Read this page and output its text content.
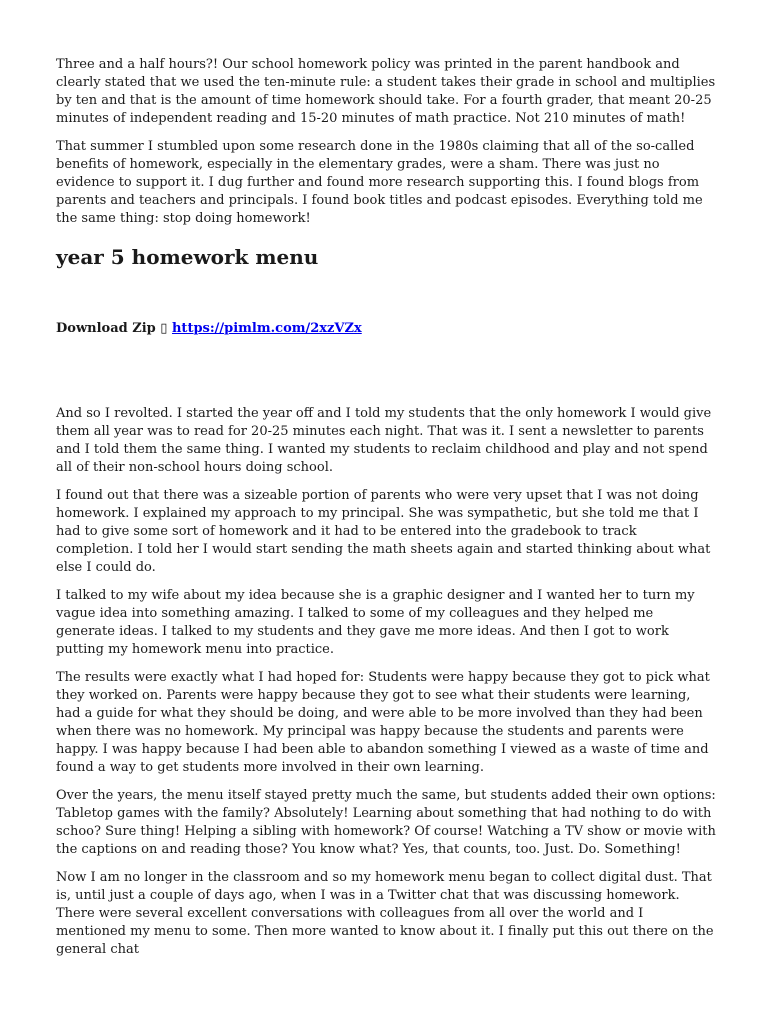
Three and a half hours?! Our school homework policy was printed in the parent handbook and clearly stated that we used the ten-minute rule: a student takes their grade in school and multiplies by ten and that is the amount of time homework should take. For a fourth grader, that meant 20-25 minutes of independent reading and 15-20 minutes of math practice. Not 210 minutes of math!

That summer I stumbled upon some research done in the 1980s claiming that all of the so-called benefits of homework, especially in the elementary grades, were a sham. There was just no evidence to support it. I dug further and found more research supporting this. I found blogs from parents and teachers and principals. I found book titles and podcast episodes. Everything told me the same thing: stop doing homework!

year 5 homework menu
Download Zip ▯ https://pimlm.com/2xzVZx

And so I revolted. I started the year off and I told my students that the only homework I would give them all year was to read for 20-25 minutes each night. That was it. I sent a newsletter to parents and I told them the same thing. I wanted my students to reclaim childhood and play and not spend all of their non-school hours doing school.

I found out that there was a sizeable portion of parents who were very upset that I was not doing homework. I explained my approach to my principal. She was sympathetic, but she told me that I had to give some sort of homework and it had to be entered into the gradebook to track completion. I told her I would start sending the math sheets again and started thinking about what else I could do.

I talked to my wife about my idea because she is a graphic designer and I wanted her to turn my vague idea into something amazing. I talked to some of my colleagues and they helped me generate ideas. I talked to my students and they gave me more ideas. And then I got to work putting my homework menu into practice.

The results were exactly what I had hoped for: Students were happy because they got to pick what they worked on. Parents were happy because they got to see what their students were learning, had a guide for what they should be doing, and were able to be more involved than they had been when there was no homework. My principal was happy because the students and parents were happy. I was happy because I had been able to abandon something I viewed as a waste of time and found a way to get students more involved in their own learning.

Over the years, the menu itself stayed pretty much the same, but students added their own options: Tabletop games with the family? Absolutely! Learning about something that had nothing to do with schoo? Sure thing! Helping a sibling with homework? Of course! Watching a TV show or movie with the captions on and reading those? You know what? Yes, that counts, too. Just. Do. Something!

Now I am no longer in the classroom and so my homework menu began to collect digital dust. That is, until just a couple of days ago, when I was in a Twitter chat that was discussing homework. There were several excellent conversations with colleagues from all over the world and I mentioned my menu to some. Then more wanted to know about it. I finally put this out there on the general chat
